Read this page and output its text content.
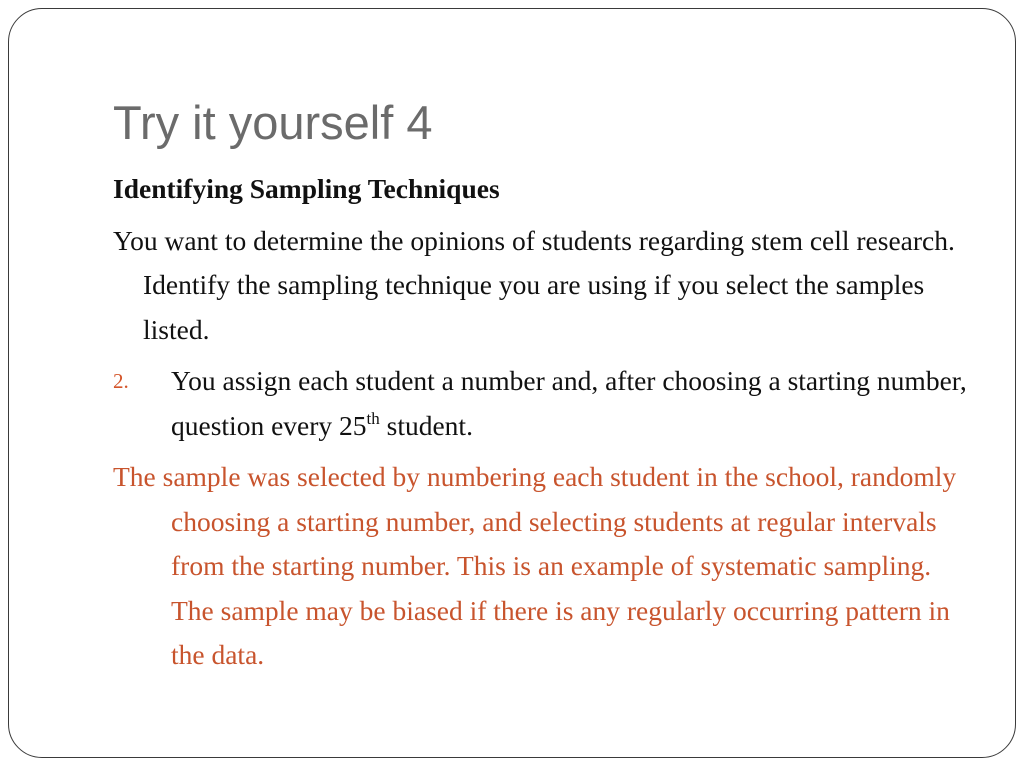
Try it yourself 4
Identifying Sampling Techniques
You want to determine the opinions of students regarding stem cell research. Identify the sampling technique you are using if you select the samples listed.
2. You assign each student a number and, after choosing a starting number, question every 25th student.
The sample was selected by numbering each student in the school, randomly choosing a starting number, and selecting students at regular intervals from the starting number. This is an example of systematic sampling. The sample may be biased if there is any regularly occurring pattern in the data.
